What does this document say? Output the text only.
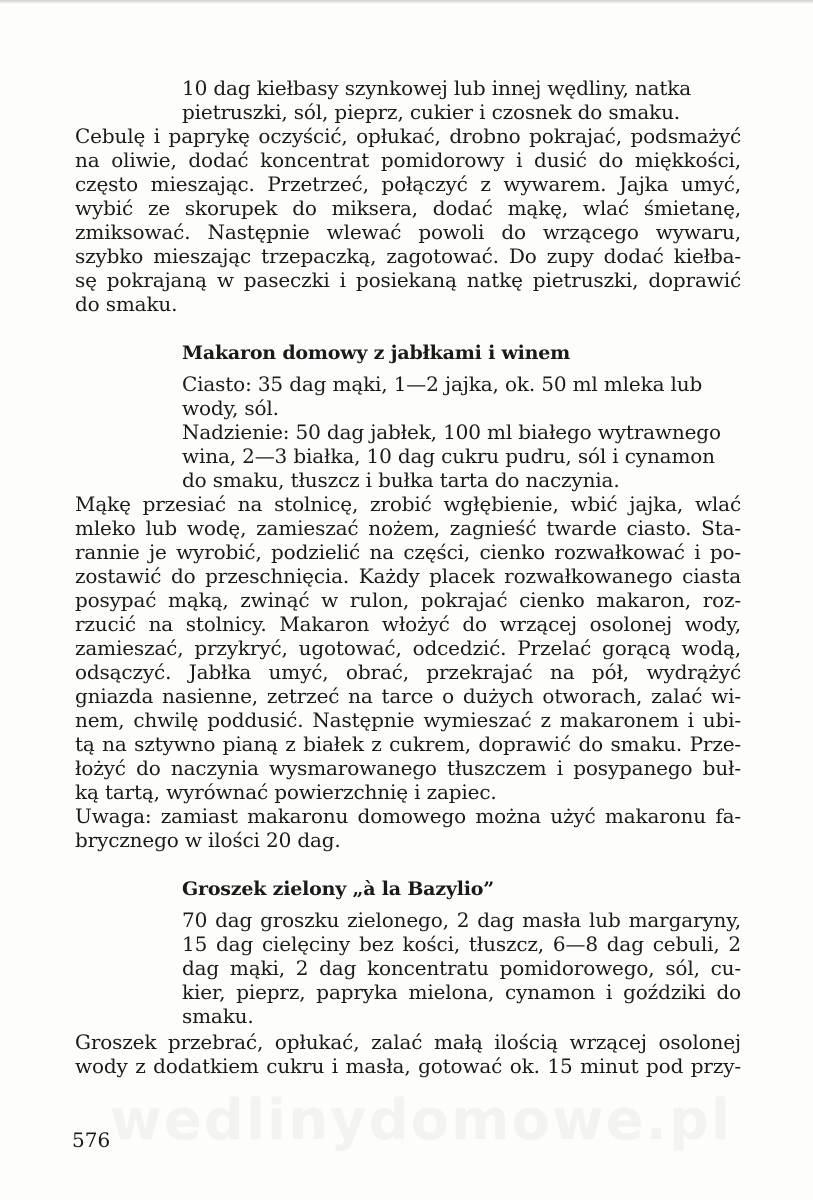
10 dag kiełbasy szynkowej lub innej wędliny, natka
pietruszki, sól, pieprz, cukier i czosnek do smaku.
Cebulę i paprykę oczyścić, opłukać, drobno pokrajać, podsmażyć
na oliwie, dodać koncentrat pomidorowy i dusić do miękkości,
często mieszając. Przetrzeć, połączyć z wywarem. Jajka umyć,
wybić ze skorupek do miksera, dodać mąkę, wlać śmietanę,
zmiksować. Następnie wlewać powoli do wrzącego wywaru,
szybko mieszając trzepaczką, zagotować. Do zupy dodać kiełba-
sę pokrajaną w paseczki i posiekaną natkę pietruszki, doprawić
do smaku.
Makaron domowy z jabłkami i winem
Ciasto: 35 dag mąki, 1—2 jajka, ok. 50 ml mleka lub
wody, sól.
Nadzienie: 50 dag jabłek, 100 ml białego wytrawnego
wina, 2—3 białka, 10 dag cukru pudru, sól i cynamon
do smaku, tłuszcz i bułka tarta do naczynia.
Mąkę przesiać na stolnicę, zrobić wgłębienie, wbić jajka, wlać
mleko lub wodę, zamieszać nożem, zagnieść twarde ciasto. Sta-
rannie je wyrobić, podzielić na części, cienko rozwałkować i po-
zostawić do przeschnięcia. Każdy placek rozwałkowanego ciasta
posypać mąką, zwinąć w rulon, pokrajać cienko makaron, roz-
rzucić na stolnicy. Makaron włożyć do wrzącej osolonej wody,
zamieszać, przykryć, ugotować, odcedzić. Przelać gorącą wodą,
odsączyć. Jabłka umyć, obrać, przekrajać na pół, wydrążyć
gniazda nasienne, zetrzeć na tarce o dużych otworach, zalać wi-
nem, chwilę poddusić. Następnie wymieszać z makaronem i ubi-
tą na sztywno pianą z białek z cukrem, doprawić do smaku. Prze-
łożyć do naczynia wysmarowanego tłuszczem i posypanego buł-
ką tartą, wyrównać powierzchnię i zapiec.
Uwaga: zamiast makaronu domowego można użyć makaronu fa-
brycznego w ilości 20 dag.
Groszek zielony „à la Bazylio”
70 dag groszku zielonego, 2 dag masła lub margaryny,
15 dag cielęciny bez kości, tłuszcz, 6—8 dag cebuli, 2
dag mąki, 2 dag koncentratu pomidorowego, sól, cu-
kier, pieprz, papryka mielona, cynamon i goździki do
smaku.
Groszek przebrać, opłukać, zalać małą ilością wrzącej osolonej
wody z dodatkiem cukru i masła, gotować ok. 15 minut pod przy-
wedlinydomowe.pl
576
